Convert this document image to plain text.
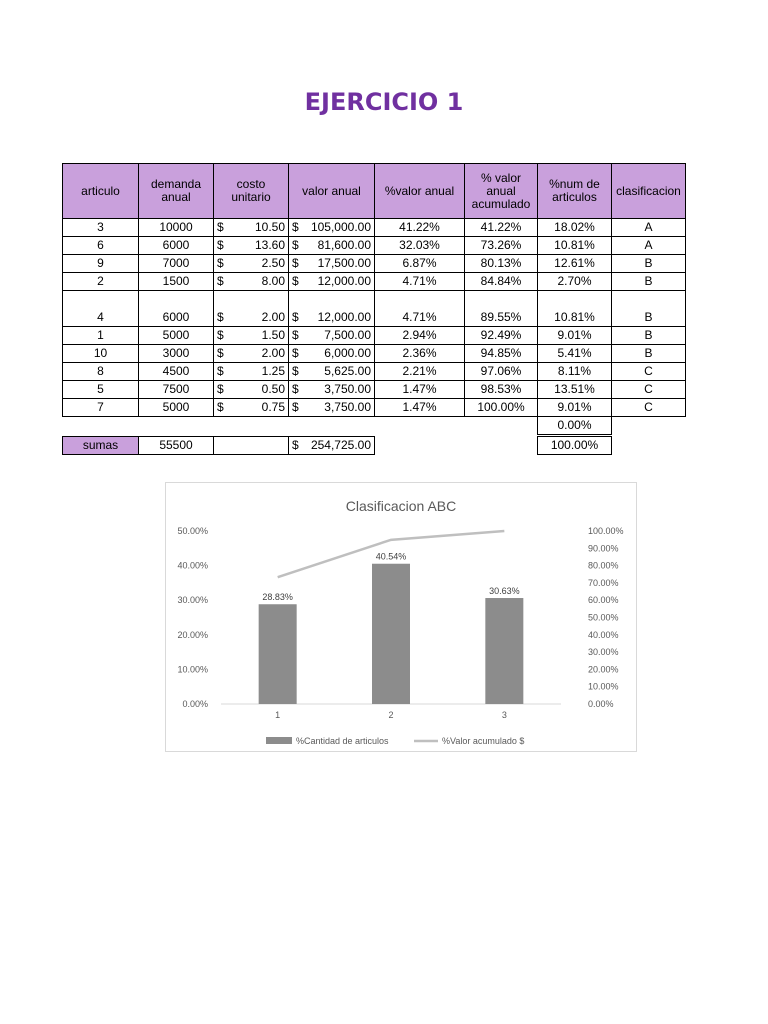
EJERCICIO 1
articulo	demanda anual	costo unitario	valor anual	%valor anual	% valor anual acumulado	%num de articulos	clasificacion
3	10000	$ 10.50	$ 105,000.00	41.22%	41.22%	18.02%	A
6	6000	$ 13.60	$ 81,600.00	32.03%	73.26%	10.81%	A
9	7000	$ 2.50	$ 17,500.00	6.87%	80.13%	12.61%	B
2	1500	$ 8.00	$ 12,000.00	4.71%	84.84%	2.70%	B
4	6000	$ 2.00	$ 12,000.00	4.71%	89.55%	10.81%	B
1	5000	$ 1.50	$ 7,500.00	2.94%	92.49%	9.01%	B
10	3000	$ 2.00	$ 6,000.00	2.36%	94.85%	5.41%	B
8	4500	$ 1.25	$ 5,625.00	2.21%	97.06%	8.11%	C
5	7500	$ 0.50	$ 3,750.00	1.47%	98.53%	13.51%	C
7	5000	$ 0.75	$ 3,750.00	1.47%	100.00%	9.01%	C
						0.00%	

sumas	55500		$ 254,725.00			100.00%	
Clasificacion ABC
0.00%
10.00%
20.00%
30.00%
40.00%
50.00%
0.00%
10.00%
20.00%
30.00%
40.00%
50.00%
60.00%
70.00%
80.00%
90.00%
100.00%
28.83%
40.54%
30.63%
1	2	3
%Cantidad de articulos	%Valor acumulado $
